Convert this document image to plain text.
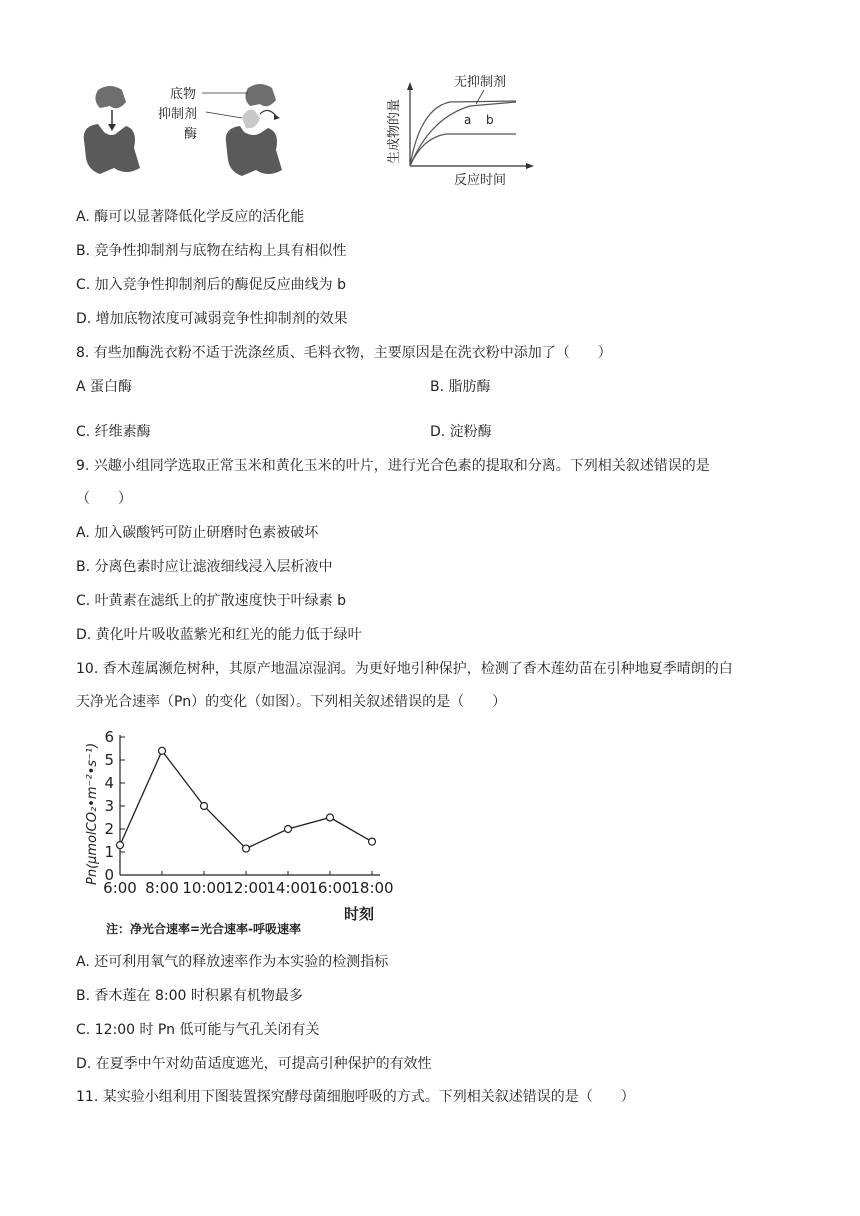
底物
抑制剂
酶
无抑制剂
a b
生成物的量
反应时间
A. 酶可以显著降低化学反应的活化能
B. 竞争性抑制剂与底物在结构上具有相似性
C. 加入竞争性抑制剂后的酶促反应曲线为 b
D. 增加底物浓度可减弱竞争性抑制剂的效果
8. 有些加酶洗衣粉不适于洗涤丝质、毛料衣物，主要原因是在洗衣粉中添加了（　　）
A 蛋白酶	B. 脂肪酶
C. 纤维素酶	D. 淀粉酶
9. 兴趣小组同学选取正常玉米和黄化玉米的叶片，进行光合色素的提取和分离。下列相关叙述错误的是
（　　）
A. 加入碳酸钙可防止研磨时色素被破坏
B. 分离色素时应让滤液细线浸入层析液中
C. 叶黄素在滤纸上的扩散速度快于叶绿素 b
D. 黄化叶片吸收蓝紫光和红光的能力低于绿叶
10. 香木莲属濒危树种，其原产地温凉湿润。为更好地引种保护，检测了香木莲幼苗在引种地夏季晴朗的白
天净光合速率（Pn）的变化（如图）。下列相关叙述错误的是（　　）
Pn(μmolCO₂•m⁻²•s⁻¹)
时刻
注：净光合速率=光合速率-呼吸速率
0
1
2
3
4
5
6
6:00 8:00 10:00
12:00
14:00
16:00
18:00
A. 还可利用氧气的释放速率作为本实验的检测指标
B. 香木莲在 8:00 时积累有机物最多
C. 12:00 时 Pn 低可能与气孔关闭有关
D. 在夏季中午对幼苗适度遮光，可提高引种保护的有效性
11. 某实验小组利用下图装置探究酵母菌细胞呼吸的方式。下列相关叙述错误的是（　　）
